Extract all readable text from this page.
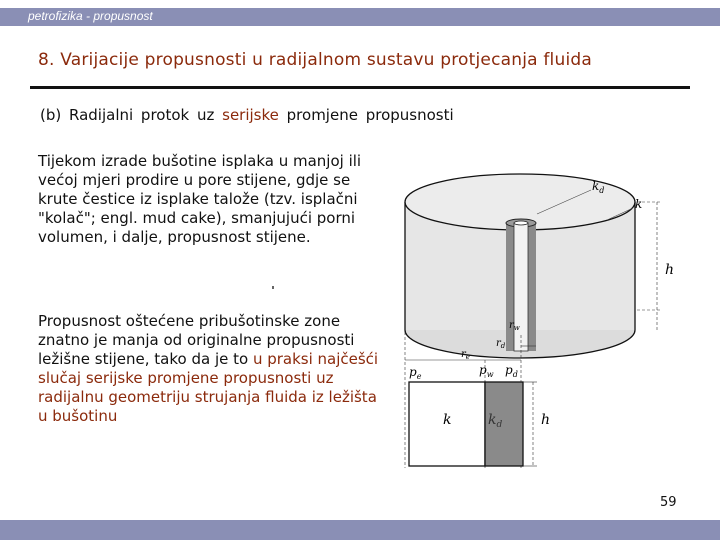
petrofizika - propusnost
8. Varijacije propusnosti u radijalnom sustavu protjecanja fluida
(b) Radijalni protok uz serijske promjene propusnosti
Tijekom izrade bušotine isplaka u manjoj ili većoj mjeri prodire u pore stijene, gdje se krute čestice iz isplake taložе (tzv. isplačni "kolač"; engl. mud cake), smanjujući porni volumen, i dalje, propusnost stijene.
Propusnost oštećene pribušotinske zone znatno je manja od originalne propusnosti ležišne stijene, tako da je to u praksi najčešći slučaj serijske promjene propusnosti uz radijalnu geometriju strujanja fluida iz ležišta u bušotinu
h
$k_d$
k
$r_w$
$r_d$
$r_e$
$p_e$	$p_w$ $p_d$
k	$k_d$	h
59
